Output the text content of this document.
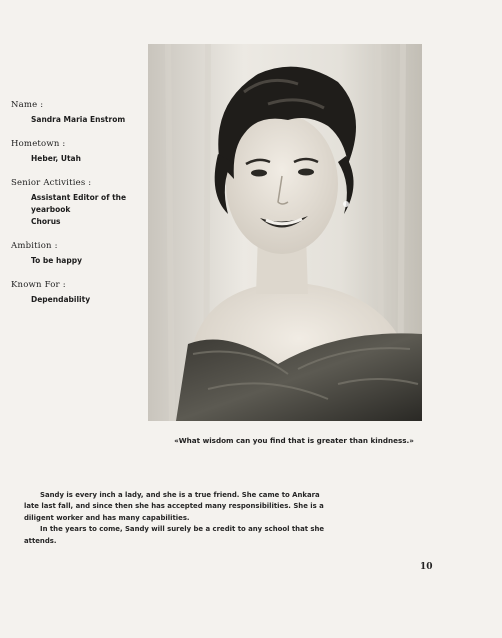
Name :
Sandra Maria Enstrom
Hometown :
Heber, Utah
Senior Activities :
Assistant Editor of the
yearbook
Chorus
Ambition :
To be happy
Known For :
Dependability
«What wisdom can you find that is greater than kindness.»

Sandy is every inch a lady, and she is a true friend. She came to Ankara late last fall, and since then she has accepted many responsibilities. She is a diligent worker and has many capabilities.

In the years to come, Sandy will surely be a credit to any school that she attends.

10
